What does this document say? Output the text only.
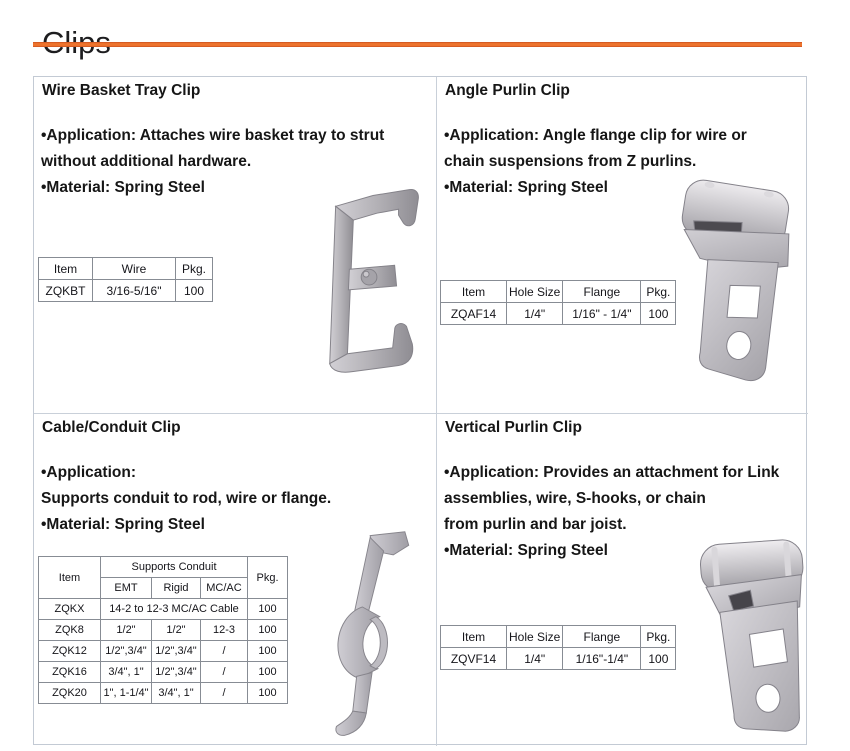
Wire Basket Tray Clip
•Application: Attaches wire basket tray to strut
without additional hardware.
•Material: Spring Steel
Item	Wire	Pkg.
ZQKBT	3/16-5/16"	100
Angle Purlin Clip
•Application: Angle flange clip for wire or
chain suspensions from Z purlins.
•Material: Spring Steel
Item	Hole Size	Flange	Pkg.
ZQAF14	1/4"	1/16" - 1/4"	100
Cable/Conduit Clip
•Application:
Supports conduit to rod, wire or flange.
•Material: Spring Steel
Item	Supports Conduit			Pkg.
	EMT	Rigid	MC/AC	
ZQKX	14-2 to 12-3 MC/AC Cable			100
ZQK8	1/2"	1/2"	12-3	100
ZQK12	1/2",3/4"	1/2",3/4"	/	100
ZQK16	3/4", 1"	1/2",3/4"	/	100
ZQK20	1", 1-1/4"	3/4", 1"	/	100
Vertical Purlin Clip
•Application: Provides an attachment for Link
assemblies, wire, S-hooks, or chain
from purlin and bar joist.
•Material: Spring Steel
Item	Hole Size	Flange	Pkg.
ZQVF14	1/4"	1/16"-1/4"	100
